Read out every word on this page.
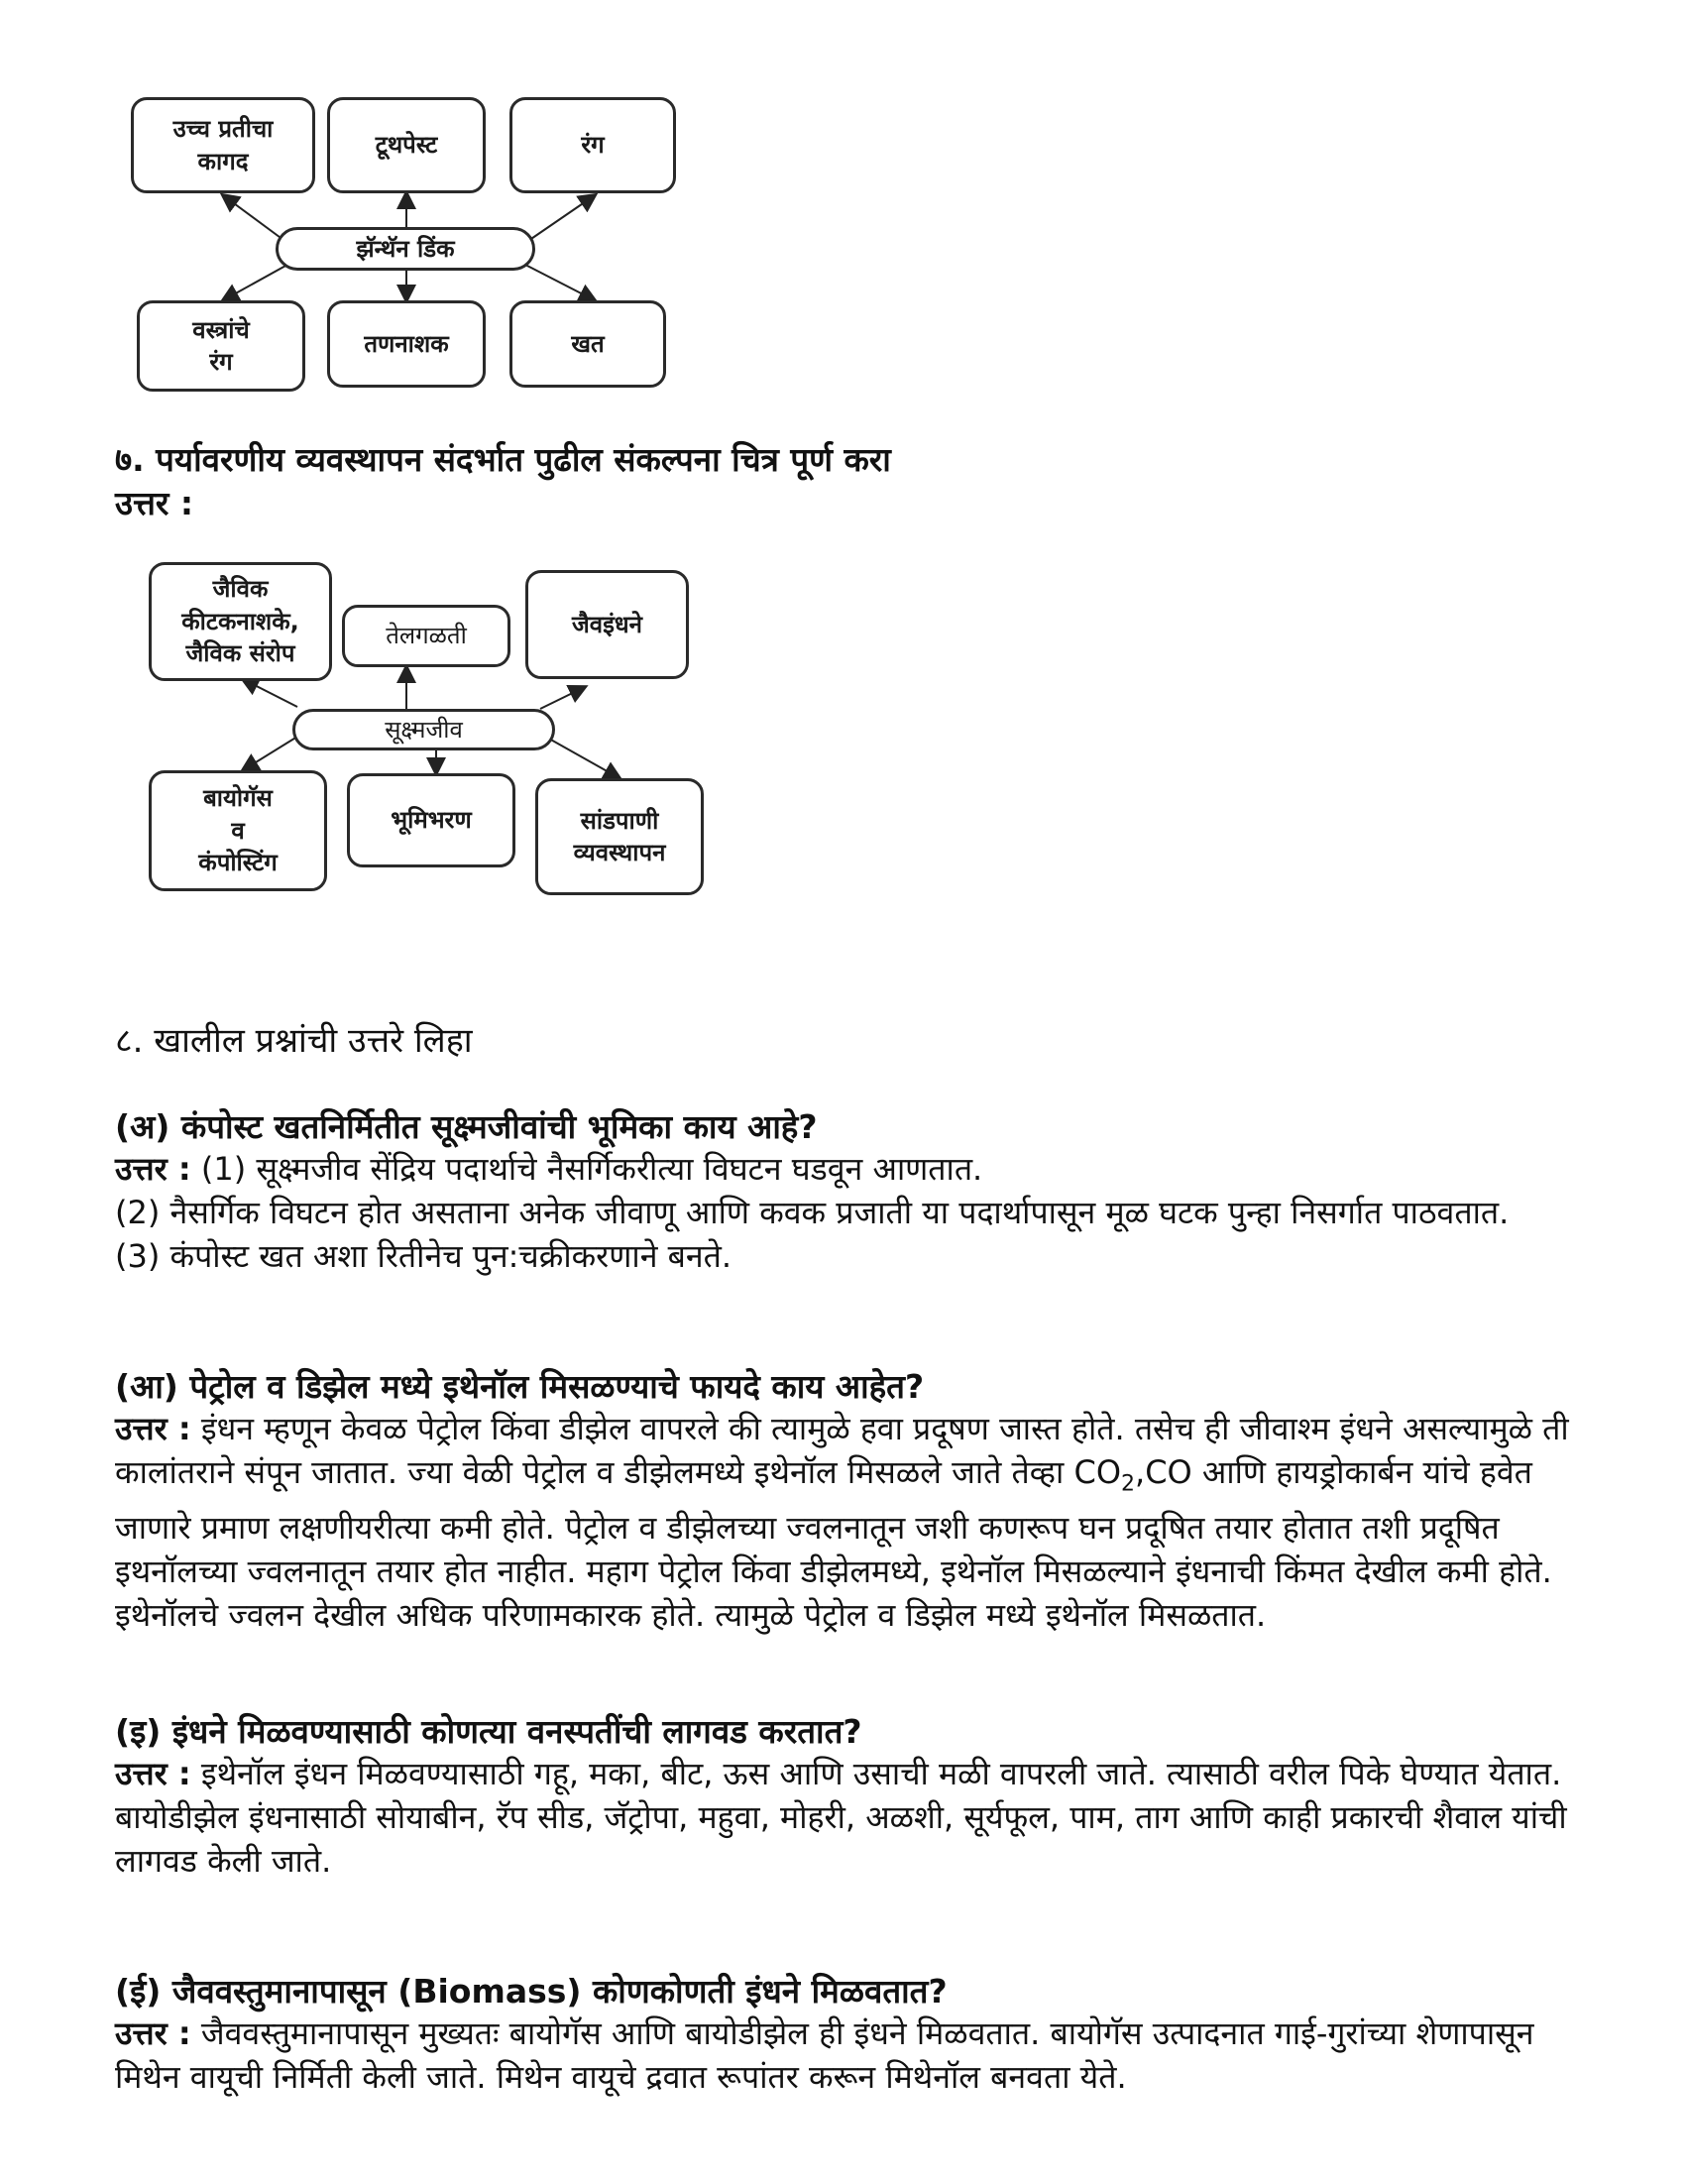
उच्च प्रतीचा
कागद
टूथपेस्ट	रंग
झॅन्थॅन डिंक
वस्त्रांचे
रंग
तणनाशक	खत
७. पर्यावरणीय व्यवस्थापन संदर्भात पुढील संकल्पना चित्र पूर्ण करा
उत्तर :
जैविक
कीटकनाशके,
जैविक संरोप
तेलगळती	जैवइंधने
सूक्ष्मजीव
बायोगॅस
व
कंपोस्टिंग
भूमिभरण	सांडपाणी
व्यवस्थापन
८. खालील प्रश्नांची उत्तरे लिहा
(अ) कंपोस्ट खतनिर्मितीत सूक्ष्मजीवांची भूमिका काय आहे?
उत्तर : (1) सूक्ष्मजीव सेंद्रिय पदार्थाचे नैसर्गिकरीत्या विघटन घडवून आणतात.
(2) नैसर्गिक विघटन होत असताना अनेक जीवाणू आणि कवक प्रजाती या पदार्थापासून मूळ घटक पुन्हा निसर्गात पाठवतात.
(3) कंपोस्ट खत अशा रितीनेच पुन:चक्रीकरणाने बनते.
(आ) पेट्रोल व डिझेल मध्ये इथेनॉल मिसळण्याचे फायदे काय आहेत?
उत्तर : इंधन म्हणून केवळ पेट्रोल किंवा डीझेल वापरले की त्यामुळे हवा प्रदूषण जास्त होते. तसेच ही जीवाश्म इंधने असल्यामुळे ती कालांतराने संपून जातात. ज्या वेळी पेट्रोल व डीझेलमध्ये इथेनॉल मिसळले जाते तेव्हा $CO_2,CO$ आणि हायड्रोकार्बन यांचे हवेत जाणारे प्रमाण लक्षणीयरीत्या कमी होते. पेट्रोल व डीझेलच्या ज्वलनातून जशी कणरूप घन प्रदूषित तयार होतात तशी प्रदूषित इथनॉलच्या ज्वलनातून तयार होत नाहीत. महाग पेट्रोल किंवा डीझेलमध्ये, इथेनॉल मिसळल्याने इंधनाची किंमत देखील कमी होते.
इथेनॉलचे ज्वलन देखील अधिक परिणामकारक होते. त्यामुळे पेट्रोल व डिझेल मध्ये इथेनॉल मिसळतात.
(इ) इंधने मिळवण्यासाठी कोणत्या वनस्पतींची लागवड करतात?
उत्तर : इथेनॉल इंधन मिळवण्यासाठी गहू, मका, बीट, ऊस आणि उसाची मळी वापरली जाते. त्यासाठी वरील पिके घेण्यात येतात.
बायोडीझेल इंधनासाठी सोयाबीन, रॅप सीड, जॅट्रोपा, महुवा, मोहरी, अळशी, सूर्यफूल, पाम, ताग आणि काही प्रकारची शैवाल यांची लागवड केली जाते.
(ई) जैववस्तुमानापासून (Biomass) कोणकोणती इंधने मिळवतात?
उत्तर : जैववस्तुमानापासून मुख्यतः बायोगॅस आणि बायोडीझेल ही इंधने मिळवतात. बायोगॅस उत्पादनात गाई-गुरांच्या शेणापासून मिथेन वायूची निर्मिती केली जाते. मिथेन वायूचे द्रवात रूपांतर करून मिथेनॉल बनवता येते.
